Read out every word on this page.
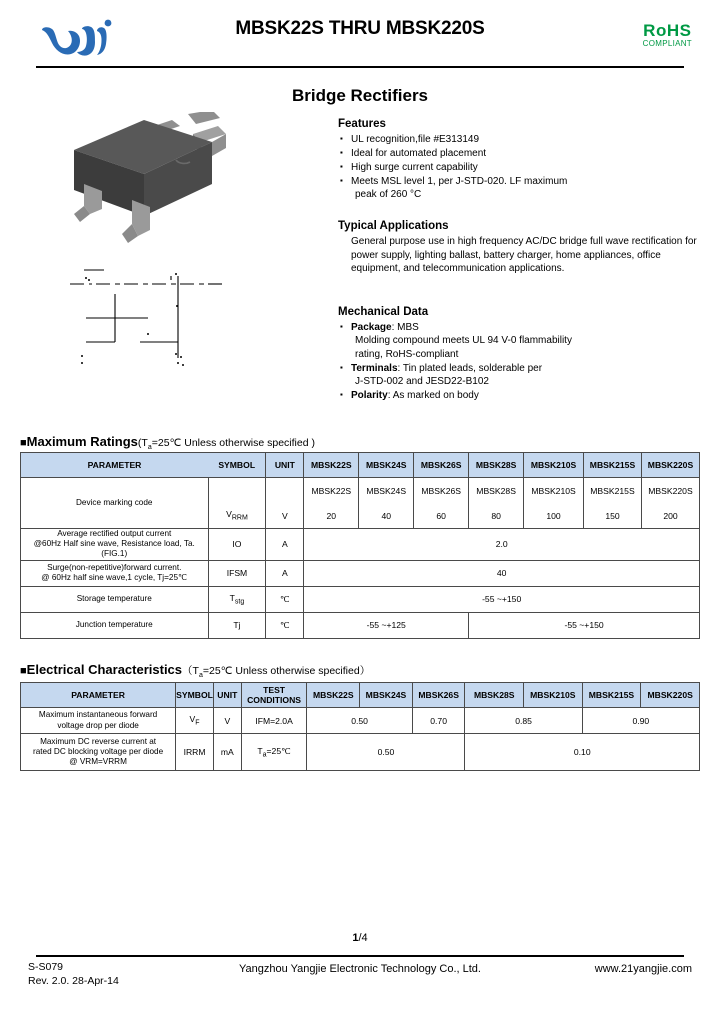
MBSK22S THRU MBSK220S	RoHS
COMPLIANT
Bridge Rectifiers
Features
▪ UL recognition,file #E313149
▪ Ideal for automated placement
▪ High surge current capability
▪ Meets MSL level 1, per J-STD-020. LF maximum
peak of 260 °C
Typical Applications

General purpose use in high frequency AC/DC bridge full wave rectification for power supply, lighting ballast, battery charger, home appliances, office equipment, and telecommunication applications.

Mechanical Data
▪ Package: MBS
Molding compound meets UL 94 V-0 flammability
rating, RoHS-compliant
▪ Terminals: Tin plated leads, solderable per
J-STD-002 and JESD22-B102
▪ Polarity: As marked on body
■Maximum $Ratings(T_a=25℃$ Unless otherwise specified )
PARAMETER	SYMBOL	UNIT	MBSK22S	MBSK24S	MBSK26S	MBSK28S	MBSK210S	MBSK215S	MBSK220S
Device marking code			MBSK22S	MBSK24S	MBSK26S	MBSK28S	MBSK210S	MBSK215S	MBSK220S
	$V_{RRM}$	V	20	40	60	80	100	150	200

Average rectified output current
@60Hz Half sine wave, Resistance load, Ta.(FIG.1)	IO	A	2.0						

Surge(non-repetitive)forward current.
@ 60Hz half sine wave,1 cycle, Tj=25℃	IFSM	A	40						
Storage temperature	$T_{stg}$	℃	-55 ~+150						
Junction temperature	Tj	℃	-55 ~+125			-55 ~+150			
■Electrical $Characteristics(T_a=25℃$ Unless otherwise specified）
PARAMETER	SYMBOL	UNIT	TEST
CONDITIONS	MBSK22S	MBSK24S	MBSK26S	MBSK28S	MBSK210S	MBSK215S	MBSK220S

Maximum instantaneous forward
voltage drop per diode	$V_F$	V	IFM=2.0A	0.50		0.70	0.85		0.90	

Maximum DC reverse current at
rated DC blocking voltage per diode
@ VRM=VRRM	IRRM	mA	$T_a=25℃$	0.50			0.10			
1/4
S-S079
Rev. 2.0. 28-Apr-14
Yangzhou Yangjie Electronic Technology Co., Ltd.	www.21yangjie.com
